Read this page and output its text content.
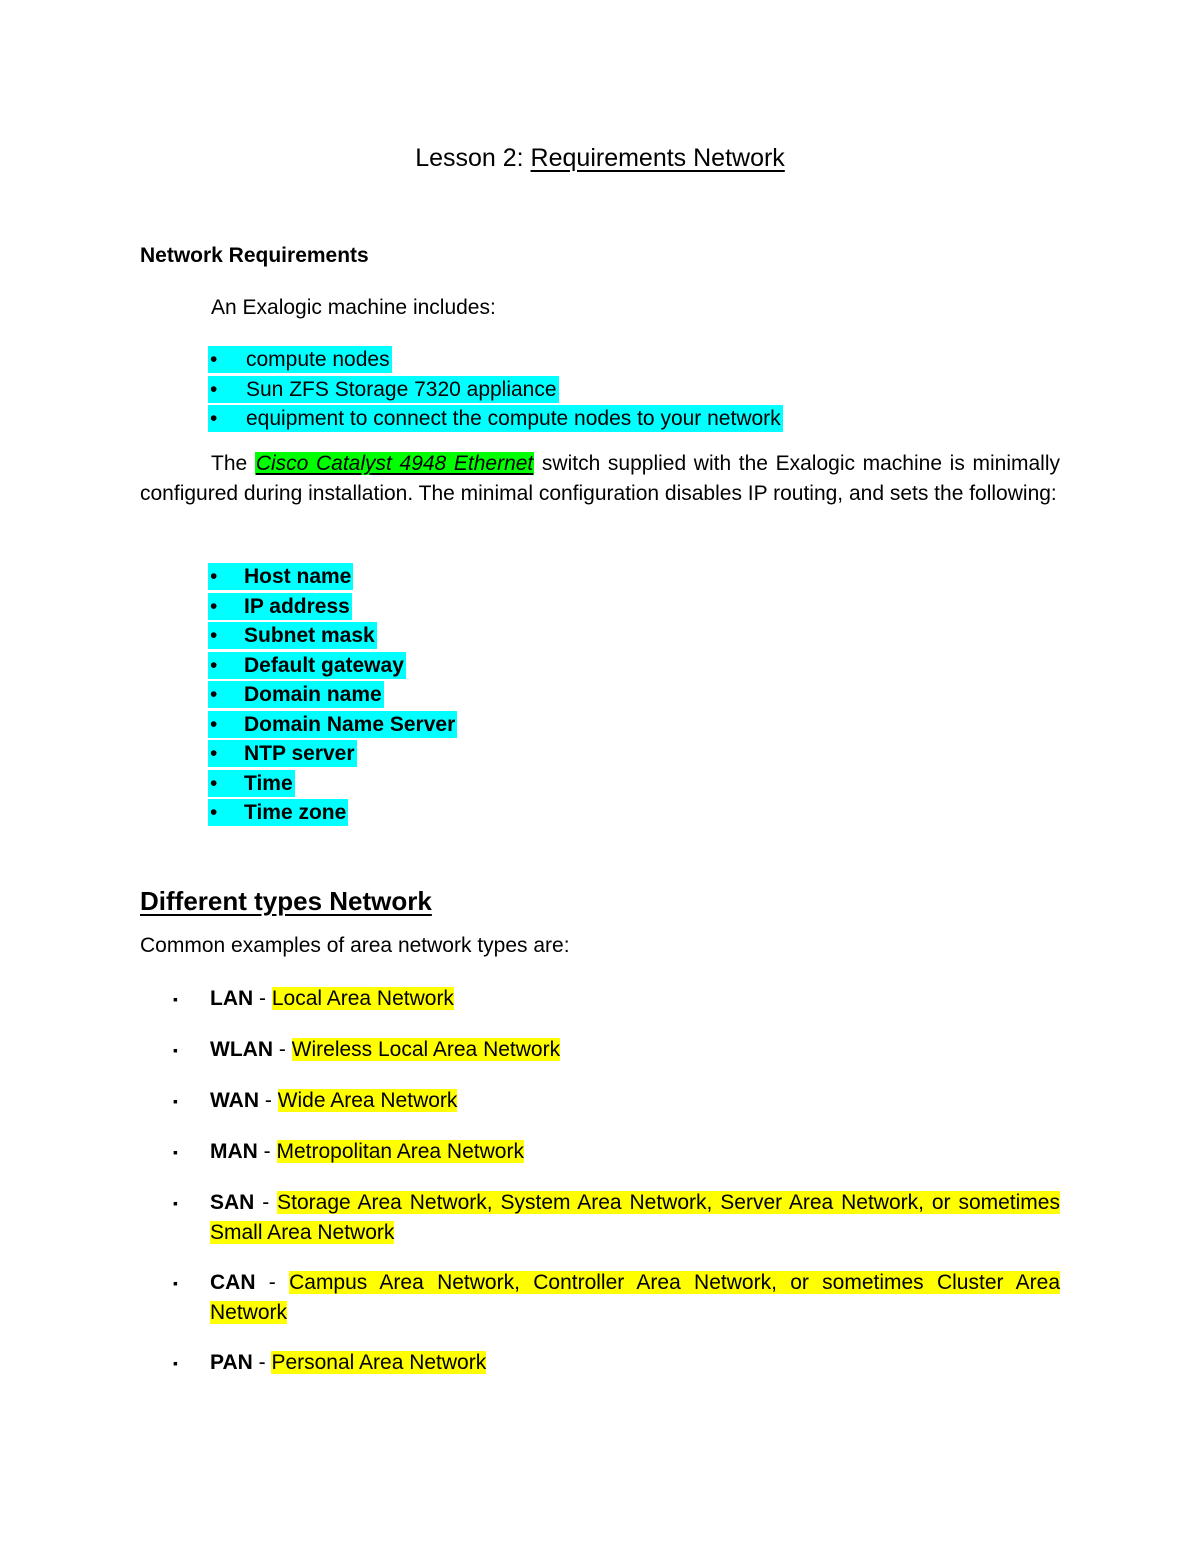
Lesson 2: Requirements Network
Network Requirements
An Exalogic machine includes:
• compute nodes
• Sun ZFS Storage 7320 appliance
• equipment to connect the compute nodes to your network
The Cisco Catalyst 4948 Ethernet switch supplied with the Exalogic machine is minimally configured during installation. The minimal configuration disables IP routing, and sets the following:
• Host name
• IP address
• Subnet mask
• Default gateway
• Domain name
• Domain Name Server
• NTP server
• Time
• Time zone
Different types Network
Common examples of area network types are:
▪ LAN - Local Area Network
▪ WLAN - Wireless Local Area Network
▪ WAN - Wide Area Network
▪ MAN - Metropolitan Area Network
▪ SAN - Storage Area Network, System Area Network, Server Area Network, or sometimes Small Area Network
▪ CAN - Campus Area Network, Controller Area Network, or sometimes Cluster Area Network
▪ PAN - Personal Area Network
